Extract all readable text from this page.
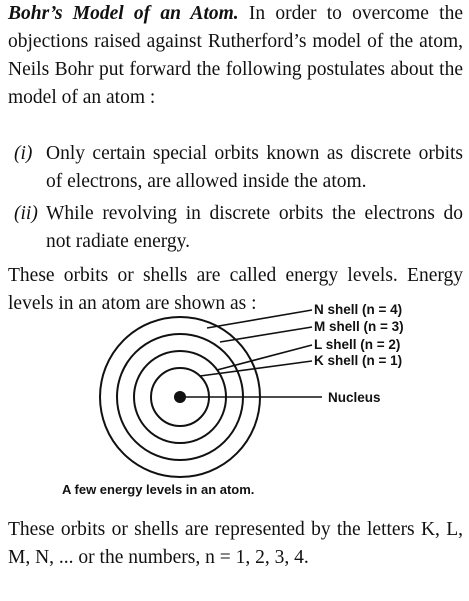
Bohr’s Model of an Atom. In order to overcome the objections raised against Rutherford’s model of the atom, Neils Bohr put forward the following postulates about the model of an atom :

(i) Only certain special orbits known as discrete orbits of electrons, are allowed inside the atom.
(ii) While revolving in discrete orbits the electrons do not radiate energy.

These orbits or shells are called energy levels. Energy levels in an atom are shown as :	N shell (n = 4)
M shell (n = 3)
L shell (n = 2)
K shell (n = 1)
Nucleus

A few energy levels in an atom.

These orbits or shells are represented by the letters K, L, M, N, ... or the numbers, n = 1, 2, 3, 4.
